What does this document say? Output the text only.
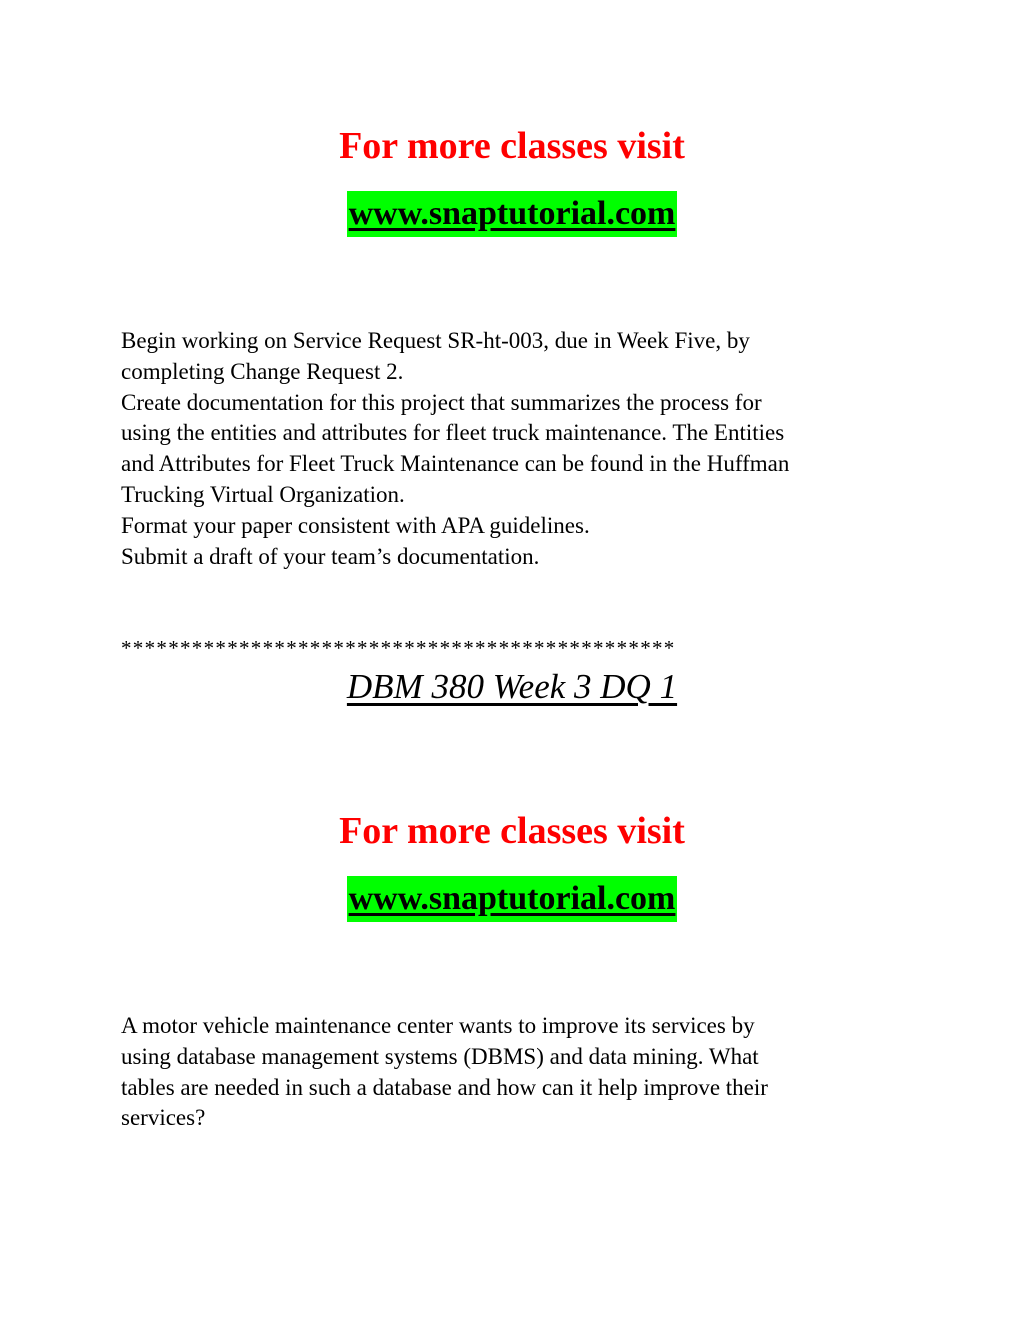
For more classes visit
www.snaptutorial.com
Begin working on Service Request SR-ht-003, due in Week Five, by
completing Change Request 2.
Create documentation for this project that summarizes the process for
using the entities and attributes for fleet truck maintenance. The Entities
and Attributes for Fleet Truck Maintenance can be found in the Huffman
Trucking Virtual Organization.
Format your paper consistent with APA guidelines.
Submit a draft of your team’s documentation.
***********************************************
DBM 380 Week 3 DQ 1
For more classes visit
www.snaptutorial.com
A motor vehicle maintenance center wants to improve its services by
using database management systems (DBMS) and data mining. What
tables are needed in such a database and how can it help improve their
services?
